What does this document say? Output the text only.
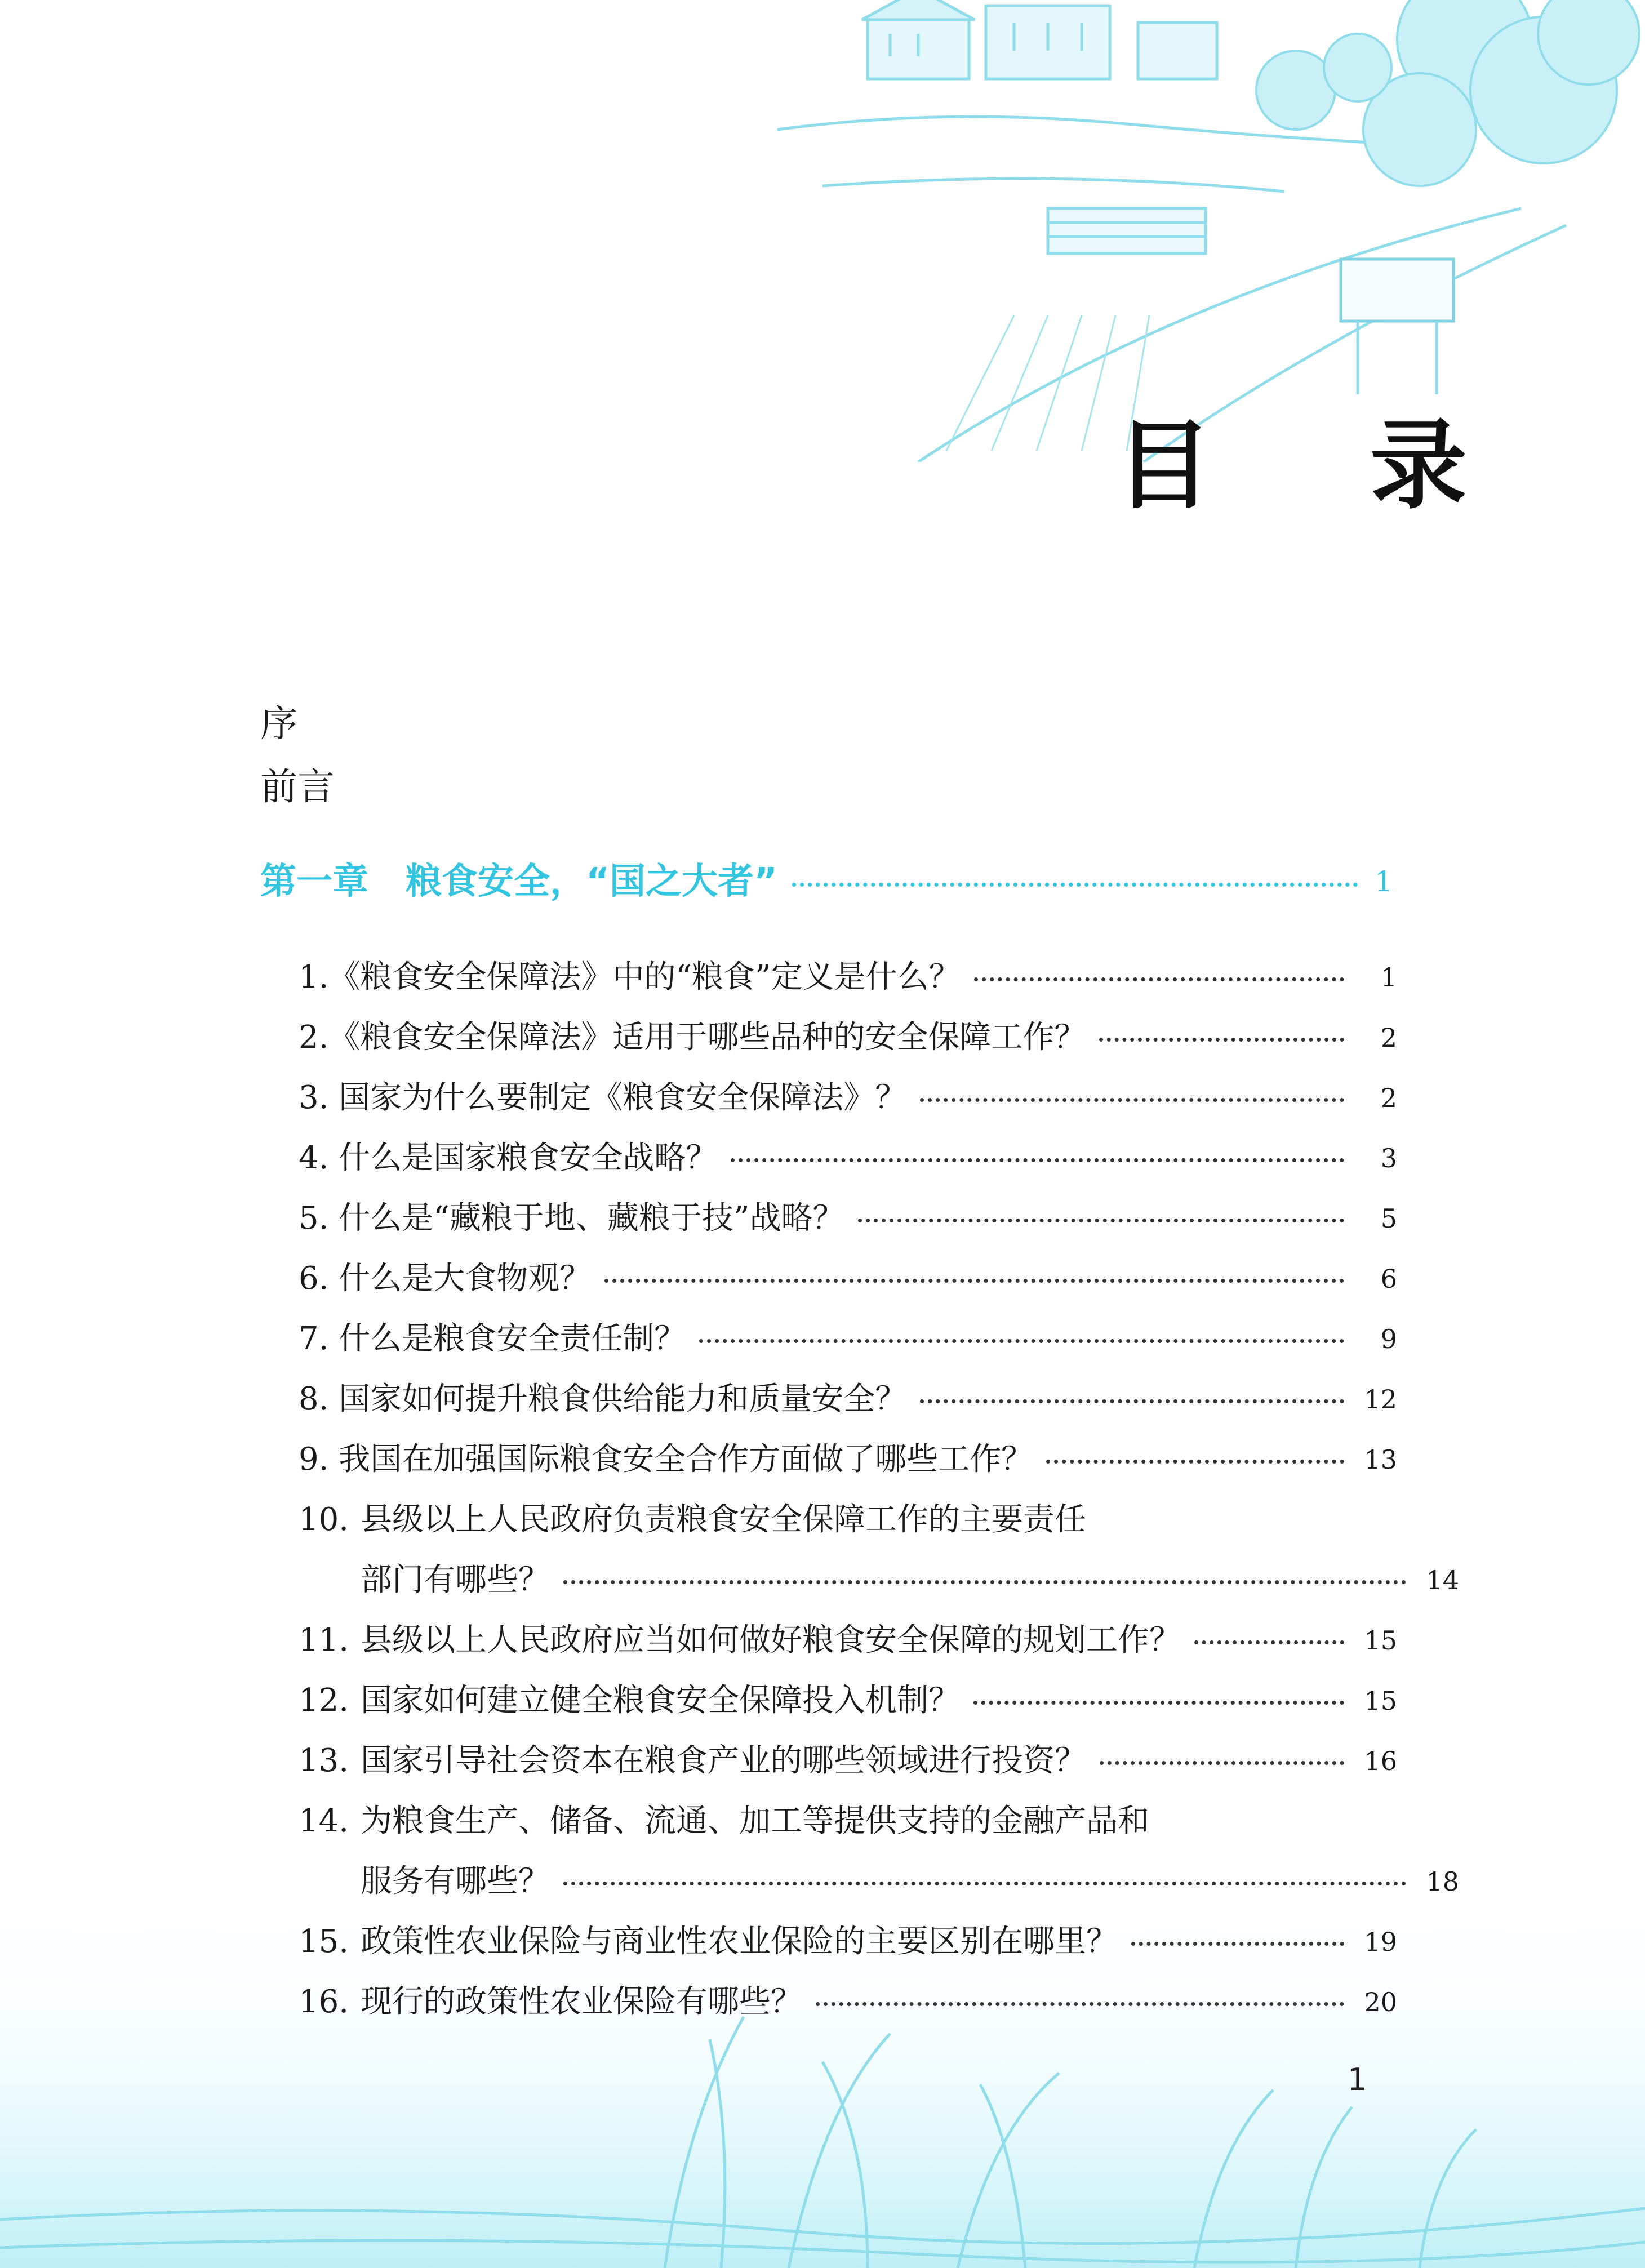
目 录
序
前言
第一章 粮食安全，“国之大者”	1
1.《粮食安全保障法》中的“粮食”定义是什么？	1
2.《粮食安全保障法》适用于哪些品种的安全保障工作？	2
3. 国家为什么要制定《粮食安全保障法》？	2
4. 什么是国家粮食安全战略？	3
5. 什么是“藏粮于地、藏粮于技”战略？	5
6. 什么是大食物观？	6
7. 什么是粮食安全责任制？	9
8. 国家如何提升粮食供给能力和质量安全？	12
9. 我国在加强国际粮食安全合作方面做了哪些工作？	13
10. 县级以上人民政府负责粮食安全保障工作的主要责任
部门有哪些？	14
11. 县级以上人民政府应当如何做好粮食安全保障的规划工作？	15
12. 国家如何建立健全粮食安全保障投入机制？	15
13. 国家引导社会资本在粮食产业的哪些领域进行投资？	16
14. 为粮食生产、储备、流通、加工等提供支持的金融产品和
服务有哪些？	18
15. 政策性农业保险与商业性农业保险的主要区别在哪里？	19
16. 现行的政策性农业保险有哪些？	20
1
